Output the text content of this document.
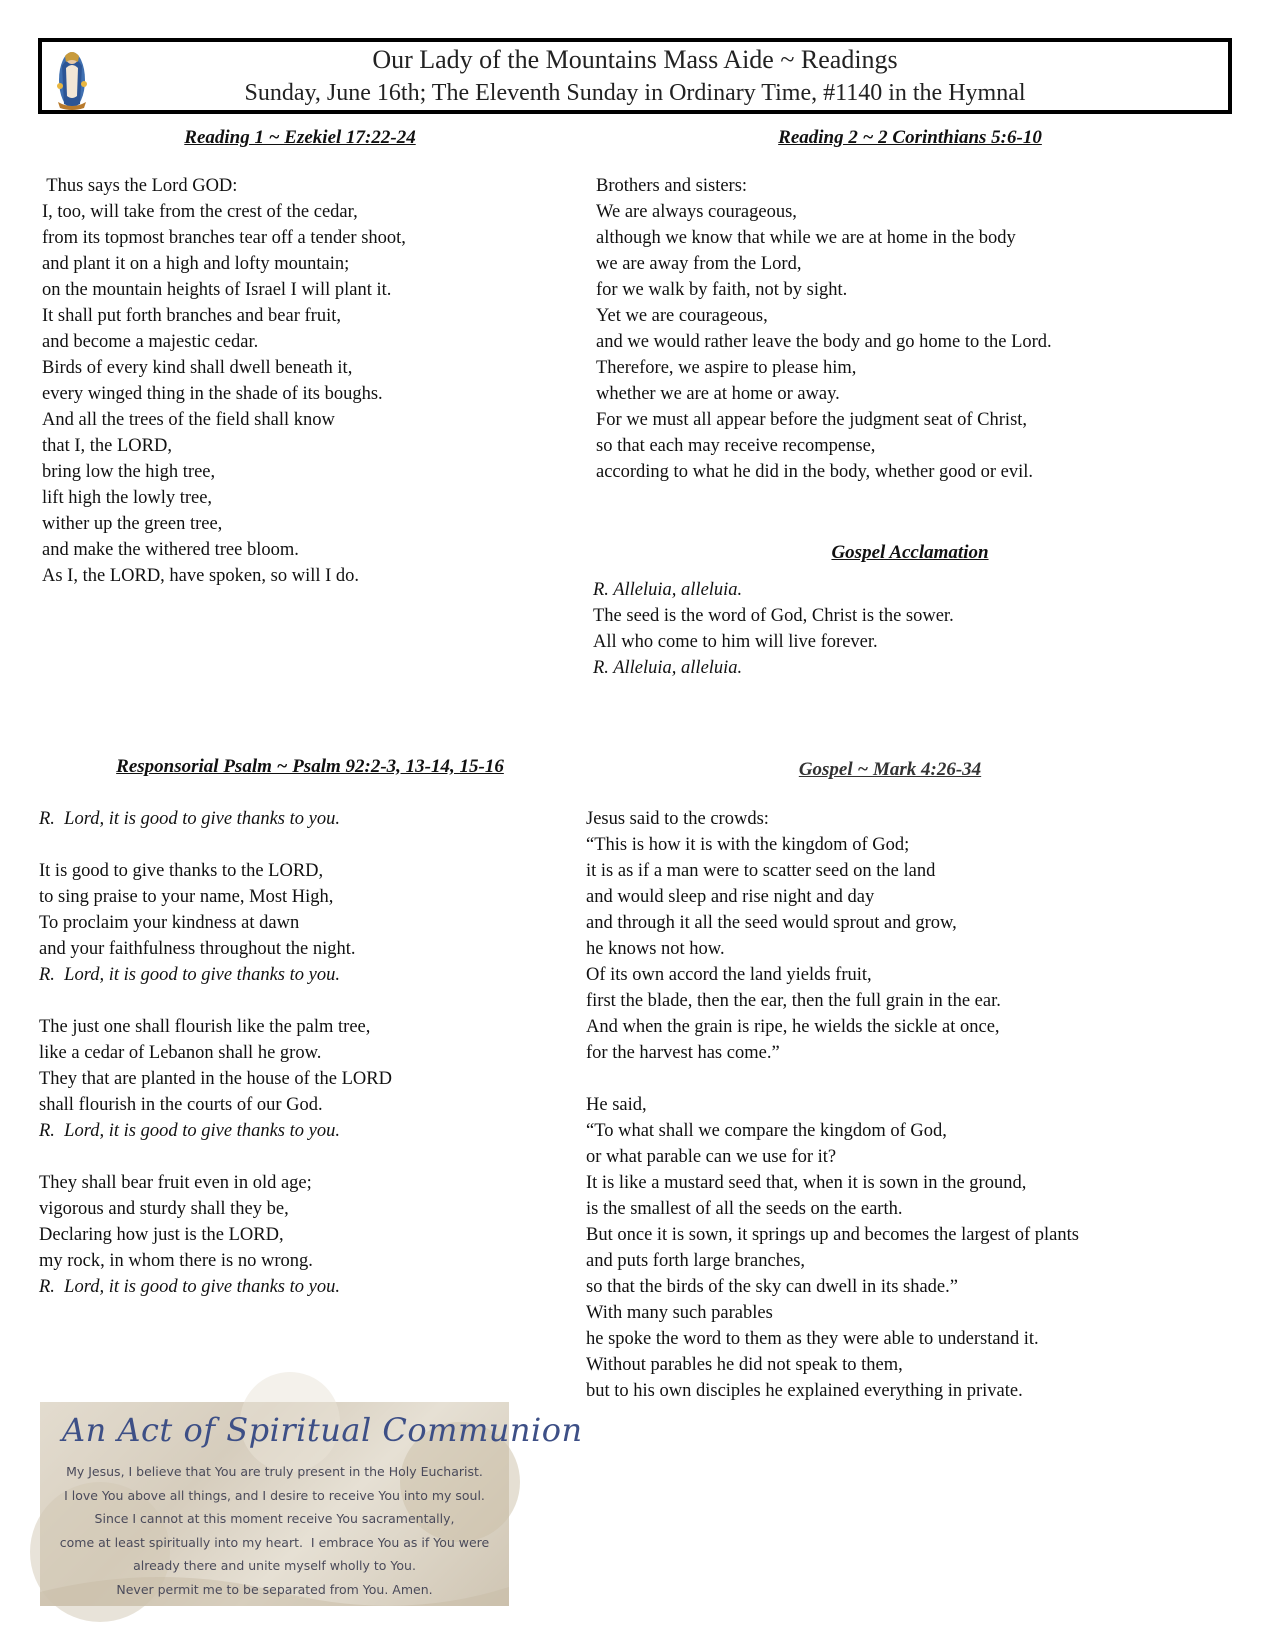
Our Lady of the Mountains Mass Aide ~ Readings
Sunday, June 16th; The Eleventh Sunday in Ordinary Time, #1140 in the Hymnal
Reading 1 ~ Ezekiel 17:22-24
Thus says the Lord GOD:
I, too, will take from the crest of the cedar,
from its topmost branches tear off a tender shoot,
and plant it on a high and lofty mountain;
on the mountain heights of Israel I will plant it.
It shall put forth branches and bear fruit,
and become a majestic cedar.
Birds of every kind shall dwell beneath it,
every winged thing in the shade of its boughs.
And all the trees of the field shall know
that I, the LORD,
bring low the high tree,
lift high the lowly tree,
wither up the green tree,
and make the withered tree bloom.
As I, the LORD, have spoken, so will I do.
Reading 2 ~ 2 Corinthians 5:6-10
Brothers and sisters:
We are always courageous,
although we know that while we are at home in the body
we are away from the Lord,
for we walk by faith, not by sight.
Yet we are courageous,
and we would rather leave the body and go home to the Lord.
Therefore, we aspire to please him,
whether we are at home or away.
For we must all appear before the judgment seat of Christ,
so that each may receive recompense,
according to what he did in the body, whether good or evil.
Gospel Acclamation
R. Alleluia, alleluia.
The seed is the word of God, Christ is the sower.
All who come to him will live forever.
R. Alleluia, alleluia.
Responsorial Psalm ~ Psalm 92:2-3, 13-14, 15-16
R.  Lord, it is good to give thanks to you.
It is good to give thanks to the LORD,
to sing praise to your name, Most High,
To proclaim your kindness at dawn
and your faithfulness throughout the night.
R.  Lord, it is good to give thanks to you.
The just one shall flourish like the palm tree,
like a cedar of Lebanon shall he grow.
They that are planted in the house of the LORD
shall flourish in the courts of our God.
R.  Lord, it is good to give thanks to you.
They shall bear fruit even in old age;
vigorous and sturdy shall they be,
Declaring how just is the LORD,
my rock, in whom there is no wrong.
R.  Lord, it is good to give thanks to you.
Gospel ~ Mark 4:26-34
Jesus said to the crowds:
“This is how it is with the kingdom of God;
it is as if a man were to scatter seed on the land
and would sleep and rise night and day
and through it all the seed would sprout and grow,
he knows not how.
Of its own accord the land yields fruit,
first the blade, then the ear, then the full grain in the ear.
And when the grain is ripe, he wields the sickle at once,
for the harvest has come.”
He said,
“To what shall we compare the kingdom of God,
or what parable can we use for it?
It is like a mustard seed that, when it is sown in the ground,
is the smallest of all the seeds on the earth.
But once it is sown, it springs up and becomes the largest of plants
and puts forth large branches,
so that the birds of the sky can dwell in its shade.”
With many such parables
he spoke the word to them as they were able to understand it.
Without parables he did not speak to them,
but to his own disciples he explained everything in private.
An Act of Spiritual Communion
My Jesus, I believe that You are truly present in the Holy Eucharist.
I love You above all things, and I desire to receive You into my soul.
Since I cannot at this moment receive You sacramentally,
come at least spiritually into my heart.  I embrace You as if You were
already there and unite myself wholly to You.
Never permit me to be separated from You. Amen.
